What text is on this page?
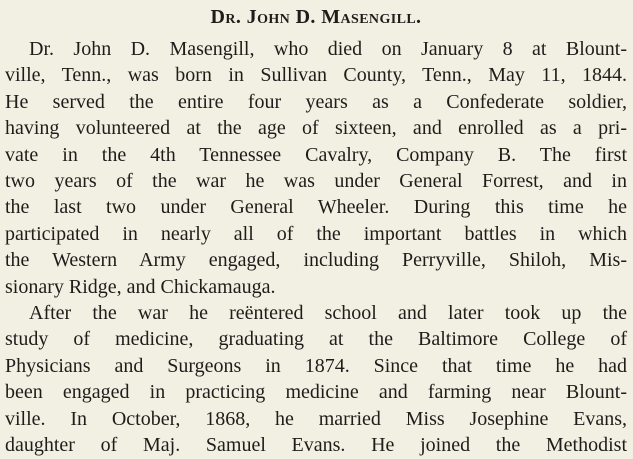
Dr. John D. Masengill.

Dr. John D. Masengill, who died on January 8 at Blount-
ville, Tenn., was born in Sullivan County, Tenn., May 11, 1844.
He served the entire four years as a Confederate soldier,
having volunteered at the age of sixteen, and enrolled as a pri-
vate in the 4th Tennessee Cavalry, Company B. The first
two years of the war he was under General Forrest, and in
the last two under General Wheeler. During this time he
participated in nearly all of the important battles in which
the Western Army engaged, including Perryville, Shiloh, Mis-
sionary Ridge, and Chickamauga.

After the war he reëntered school and later took up the
study of medicine, graduating at the Baltimore College of
Physicians and Surgeons in 1874. Since that time he had
been engaged in practicing medicine and farming near Blount-
ville. In October, 1868, he married Miss Josephine Evans,
daughter of Maj. Samuel Evans. He joined the Methodist
